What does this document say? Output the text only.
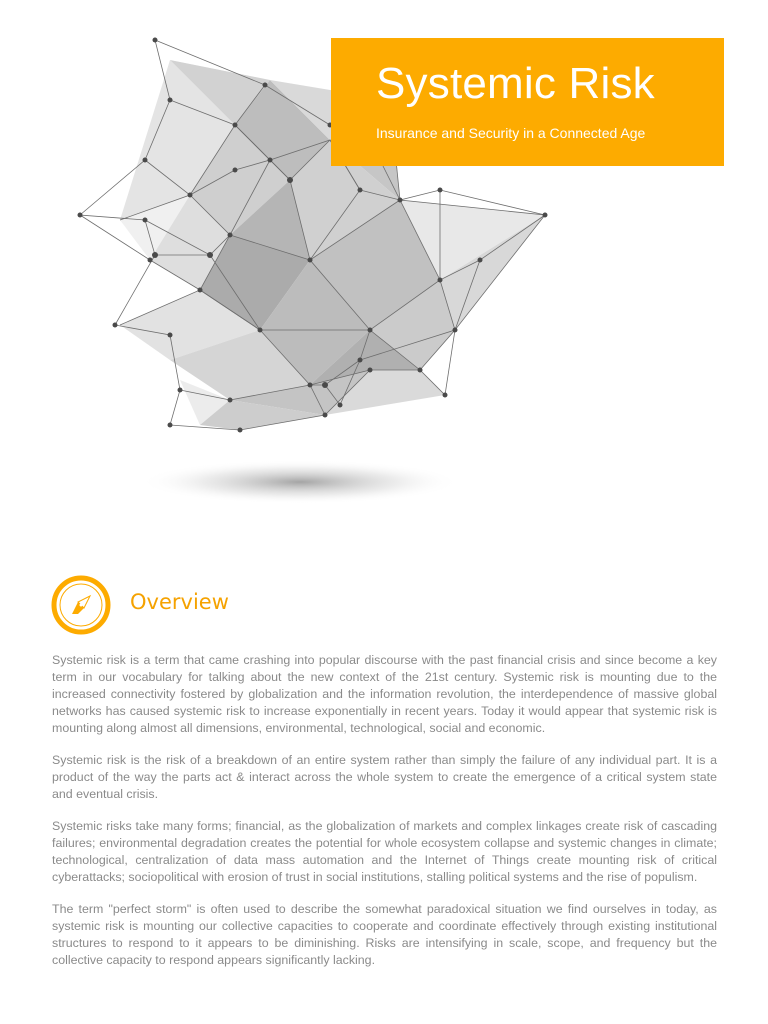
Systemic Risk
Insurance and Security in a Connected Age
Overview

Systemic risk is a term that came crashing into popular discourse with the past financial crisis and since become a key term in our vocabulary for talking about the new context of the 21st century. Systemic risk is mounting due to the increased connectivity fostered by globalization and the information revolution, the interdependence of massive global networks has caused systemic risk to increase exponentially in recent years. Today it would appear that systemic risk is mounting along almost all dimensions, environmental, technological, social and economic.

Systemic risk is the risk of a breakdown of an entire system rather than simply the failure of any individual part. It is a product of the way the parts act & interact across the whole system to create the emergence of a critical system state and eventual crisis.

Systemic risks take many forms; financial, as the globalization of markets and complex linkages create risk of cascading failures; environmental degradation creates the potential for whole ecosystem collapse and systemic changes in climate; technological, centralization of data mass automation and the Internet of Things create mounting risk of critical cyberattacks; sociopolitical with erosion of trust in social institutions, stalling political systems and the rise of populism.

The term "perfect storm" is often used to describe the somewhat paradoxical situation we find ourselves in today, as systemic risk is mounting our collective capacities to cooperate and coordinate effectively through existing institutional structures to respond to it appears to be diminishing. Risks are intensifying in scale, scope, and frequency but the collective capacity to respond appears significantly lacking.
